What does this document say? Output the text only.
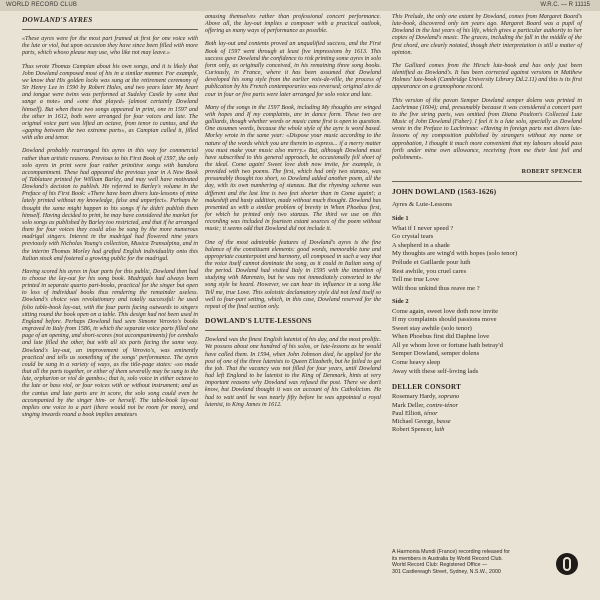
WORLD RECORD CLUB	W.R.C. — R 11115
DOWLAND'S AYRES

«These ayres were for the most part framed at first for one voice with the lute or viol, but upon occasion they have since been filled with more parts, which whoso please may use, who like not may leave.»

Thus wrote Thomas Campian about his own songs, and it is likely that John Dowland composed most of his in a similar manner. For example, we know that His golden locks was sung at the retirement ceremony of Sir Henry Lee in 1590 by Robert Hales, and two years later My heart and tongue were twins was performed at Sudeley Castle by «one that sange a note» and «one that played» (almost certainly Dowland himself). But when these two songs appeared in print, one in 1597 and the other in 1612, both were arranged for four voices and lute. The original voice part was lifted an octave, from tenor to cantus, and the «gaping between the two extreme parts», as Campian called it, filled with alto and tenor.

Dowland probably rearranged his ayres in this way for commercial rather than artistic reasons. Previous to his First Book of 1597, the only solo ayres in print were four rather primitive songs with bandora accompaniment. These had appeared the previous year in A New Book of Tablature printed for William Barley, and may well have motivated Dowland's decision to publish. He referred to Barley's volume in the Preface of his First Book: «There have been divers lute-lessons of mine lately printed without my knowledge, false and unperfect». Perhaps he thought the same might happen to his songs if he didn't publish them himself. Having decided to print, he may have considered the market for solo songs as published by Barley too restricted, and that if he arranged them for four voices they could also be sung by the more numerous madrigal singers. Interest in the madrigal had flowered nine years previously with Nicholas Young's collection, Musica Transalpina, and in the interim Thomas Morley had grafted English individuality onto this Italian stock and fostered a growing public for the madrigal.

Having scored his ayres in four parts for this public, Dowland then had to choose the lay-out for his song book. Madrigals had always been printed in separate quarto part-books, practical for the singer but open to loss of individual books thus rendering the remainder useless. Dowland's choice was revolutionary and totally successful: he used folio table-book lay-out, with the four parts facing outwards to singers sitting round the book open on a table. This design had not been used in England before. Perhaps Dowland had seen Simone Verovio's books engraved in Italy from 1586, in which the separate voice parts filled one page of an opening, and short-scores (not accompaniments) for cembalo and lute filled the other, but with all six parts facing the same way. Dowland's lay-out, an improvement of Verovio's, was eminently practical and tells us something of the songs' performance. The ayres could be sung in a variety of ways, as the title-page states: «so made that all the parts together, or either of them severally may be sung to the lute, orpharion or viol de gambo»; that is, solo voice in either octave to the lute or bass viol, or four voices with or without instrument; and as the cantus and lute parts are in score, the solo song could even be accompanied by the singer him- or herself. The table-book lay-out implies one voice to a part (there would not be room for more), and singing inwards round a book implies amateurs

amusing themselves rather than professional concert performance. Above all, the lay-out implies a composer with a practical outlook, offering as many ways of performance as possible.

Both lay-out and contents proved an unqualified success, and the First Book of 1597 went through at least five impressions by 1613. This success gave Dowland the confidence to risk printing some ayres in solo form only, as originally conceived, in his remaining three song books. Curiously, in France, where it has been assumed that Dowland developed his song style from the earlier voix-de-ville, the process of publication by his French contemporaries was reversed; original airs de cour in four or five parts were later arranged for solo voice and lute.

Many of the songs in the 1597 Book, including My thoughts are winged with hopes and If my complaints, are in dance form. These two are galliards, though whether words or music came first is open to question. One assumes words, because the whole style of the ayre is word based. Morley wrote in the same year: «Dispose your music according to the nature of the words which you are therein to express... if a merry matter you must make your music also merry.» But, although Dowland must have subscribed to this general approach, he occasionally fell short of the ideal. Come again! Sweet love doth now invite, for example, is provided with two poems. The first, which had only two stanzas, was presumably thought too short, so Dowland added another poem, all the day, with its own numbering of stanzas. But the rhyming scheme was different and the last line is two feet shorter than in Come again!; a makeshift and hasty addition, made without much thought. Dowland has presented us with a similar problem of brevity in When Phoebus first, for which he printed only two stanzas. The third we use on this recording was included in fourteen extant sources of the poem without music; it seems odd that Dowland did not include it.

One of the most admirable features of Dowland's ayres is the fine balance of the constituent elements: good words, memorable tune and appropriate counterpoint and harmony, all composed in such a way that the voice itself cannot dominate the song, as it could in Italian song of the period. Dowland had visited Italy in 1595 with the intention of studying with Marenzio, but he was not immediately converted to the song style he heard. However, we can hear its influence in a song like Tell me, true Love. This soloistic declamatory style did not lend itself so well to four-part setting, which, in this case, Dowland reserved for the repeat of the final section only.

DOWLAND'S LUTE-LESSONS

Dowland was the finest English lutenist of his day, and the most prolific. We possess about one hundred of his solos, or lute-lessons as he would have called them. In 1594, when John Johnson died, he applied for the post of one of the three lutenists to Queen Elizabeth, but he failed to get the job. That the vacancy was not filled for four years, until Dowland had left England to be lutenist to the King of Denmark, hints at very important reasons why Dowland was refused the post. There we don't know, but Dowland thought it was on account of his Catholicism. He had to wait until he was nearly fifty before he was appointed a royal lutenist, to King James in 1612.

This Prelude, the only one extant by Dowland, comes from Margaret Board's lute-book, discovered only ten years ago. Margaret Board was a pupil of Dowland in the last years of his life, which gives a particular authority to her copies of Dowland's music. The graces, including the fall in the middle of the first chord, are clearly notated, though their interpretation is still a matter of opinion.

The Galliard comes from the Hirsch lute-book and has only just been identified as Dowland's. It has been corrected against versions in Matthew Holmes' lute-book (Cambridge University Library Dd.2.11) and this is its first appearance on a gramophone record.

This version of the pavan Semper Dowland semper dolens was printed in Lachrimae (1604); and, presumably because it was considered a concert part to the five string parts, was omitted from Diana Poulton's Collected Lute Music of John Dowland (Faber). I feel it is a lute solo, specially as Dowland wrote in the Preface to Lachrimae: «Having in foreign parts met divers lute-lessons of my composition published by strangers without my name or approbation, I thought it much more convenient that my labours should pass forth under mine own allowance, receiving from me their last foil and polishment».

ROBERT SPENCER
JOHN DOWLAND (1563-1626)
Ayres & Lute-Lessons
Side 1
What if I never speed ?
Go crystal tears
A shepherd in a shade
My thoughts are wing'd with hopes (solo tenor)
Prélude et Gaillarde pour luth
Rest awhile, you cruel cares
Tell me true Love
Wilt thou unkind thus reave me ?
Side 2
Come again, sweet love doth now invite
If my complaints should passions move
Sweet stay awhile (solo tenor)
When Phoebus first did Daphne love
All ye whom love or fortune hath betray'd
Semper Dowland, semper dolens
Come heavy sleep
Away with these self-loving lads
DELLER CONSORT
Rosemary Hardy, soprano
Mark Deller, contre-ténor
Paul Elliott, ténor
Michael George, basse
Robert Spencer, luth
A Harmonia Mundi (France) recording released for
its members in Australia by World Record Club.
World Record Club: Registered Office —
301 Castlereagh Street, Sydney, N.S.W., 2000
